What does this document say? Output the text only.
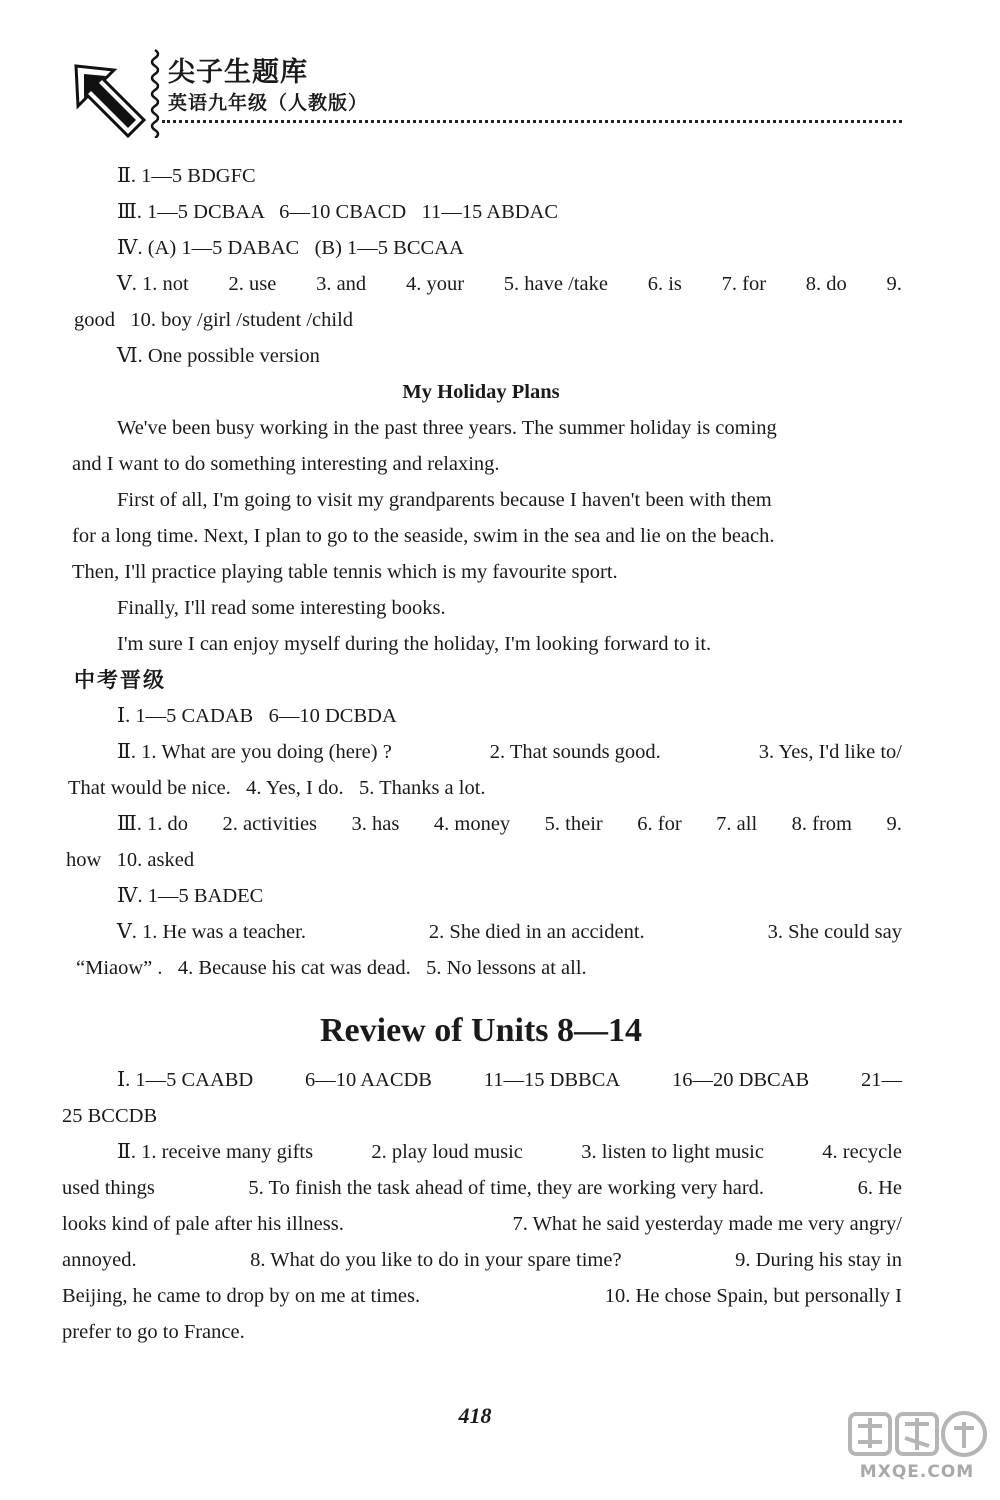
尖子生题库
英语九年级（人教版）
Ⅱ. 1—5 BDGFC
Ⅲ. 1—5 DCBAA   6—10 CBACD   11—15 ABDAC
Ⅳ. (A) 1—5 DABAC   (B) 1—5 BCCAA
Ⅴ. 1. not 2. use 3. and 4. your 5. have /take 6. is 7. for 8. do 9.
good   10. boy /girl /student /child
Ⅵ. One possible version
My Holiday Plans
We've been busy working in the past three years. The summer holiday is coming
and I want to do something interesting and relaxing.
First of all, I'm going to visit my grandparents because I haven't been with them
for a long time. Next, I plan to go to the seaside, swim in the sea and lie on the beach.
Then, I'll practice playing table tennis which is my favourite sport.
Finally, I'll read some interesting books.
I'm sure I can enjoy myself during the holiday, I'm looking forward to it.
中考晋级
Ⅰ. 1—5 CADAB   6—10 DCBDA
Ⅱ. 1. What are you doing (here) ?	2. That sounds good.	3. Yes, I'd like to/
That would be nice.   4. Yes, I do.   5. Thanks a lot.
Ⅲ. 1. do 2. activities 3. has 4. money 5. their 6. for 7. all 8. from 9.
how   10. asked
Ⅳ. 1—5 BADEC
Ⅴ. 1. He was a teacher.	2. She died in an accident.	3. She could say
“Miaow” .   4. Because his cat was dead.   5. No lessons at all.
Review of Units 8—14
Ⅰ. 1—5 CAABD	6—10 AACDB	11—15 DBBCA	16—20 DBCAB	21—
25 BCCDB
Ⅱ. 1. receive many gifts	2. play loud music	3. listen to light music	4. recycle
used things	5. To finish the task ahead of time, they are working very hard.	6. He
looks kind of pale after his illness.	7. What he said yesterday made me very angry/
annoyed.	8. What do you like to do in your spare time?	9. During his stay in
Beijing, he came to drop by on me at times.	10. He chose Spain, but personally I
prefer to go to France.
418
MXQE.COM
